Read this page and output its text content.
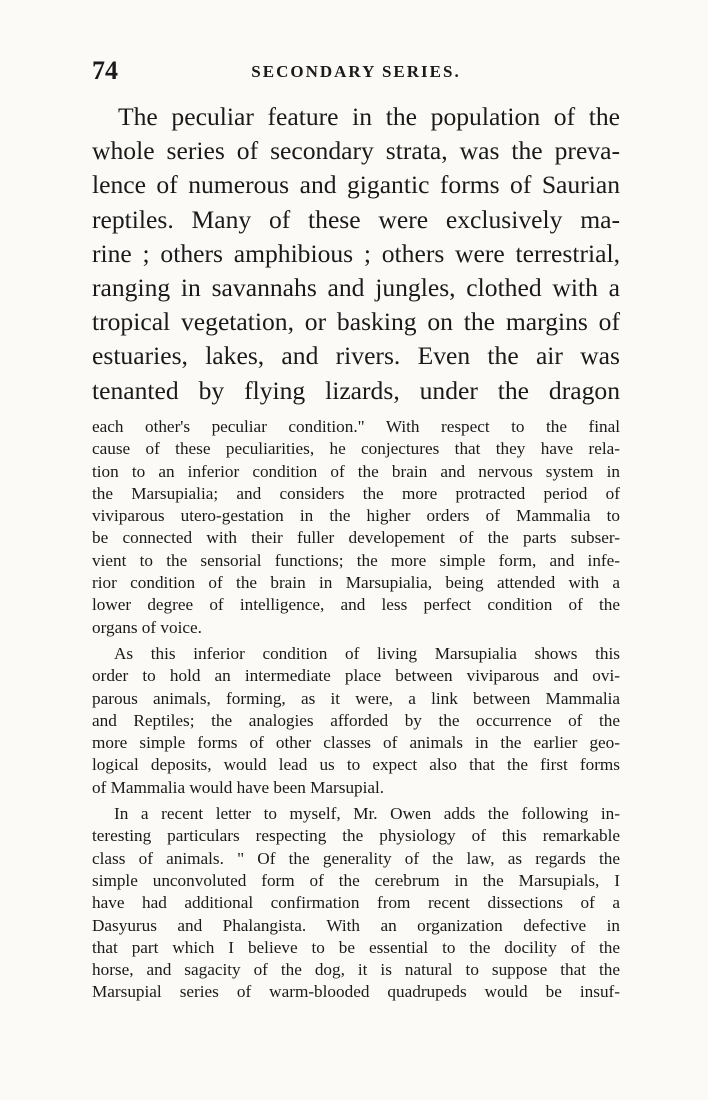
74	SECONDARY SERIES.
The peculiar feature in the population of the
whole series of secondary strata, was the preva-
lence of numerous and gigantic forms of Saurian
reptiles. Many of these were exclusively ma-
rine ; others amphibious ; others were terrestrial,
ranging in savannahs and jungles, clothed with a
tropical vegetation, or basking on the margins of
estuaries, lakes, and rivers. Even the air was
tenanted by flying lizards, under the dragon

each other's peculiar condition." With respect to the final
cause of these peculiarities, he conjectures that they have rela-
tion to an inferior condition of the brain and nervous system in
the Marsupialia; and considers the more protracted period of
viviparous utero-gestation in the higher orders of Mammalia to
be connected with their fuller developement of the parts subser-
vient to the sensorial functions; the more simple form, and infe-
rior condition of the brain in Marsupialia, being attended with a
lower degree of intelligence, and less perfect condition of the
organs of voice.

As this inferior condition of living Marsupialia shows this
order to hold an intermediate place between viviparous and ovi-
parous animals, forming, as it were, a link between Mammalia
and Reptiles; the analogies afforded by the occurrence of the
more simple forms of other classes of animals in the earlier geo-
logical deposits, would lead us to expect also that the first forms
of Mammalia would have been Marsupial.

In a recent letter to myself, Mr. Owen adds the following in-
teresting particulars respecting the physiology of this remarkable
class of animals. " Of the generality of the law, as regards the
simple unconvoluted form of the cerebrum in the Marsupials, I
have had additional confirmation from recent dissections of a
Dasyurus and Phalangista. With an organization defective in
that part which I believe to be essential to the docility of the
horse, and sagacity of the dog, it is natural to suppose that the
Marsupial series of warm-blooded quadrupeds would be insuf-
